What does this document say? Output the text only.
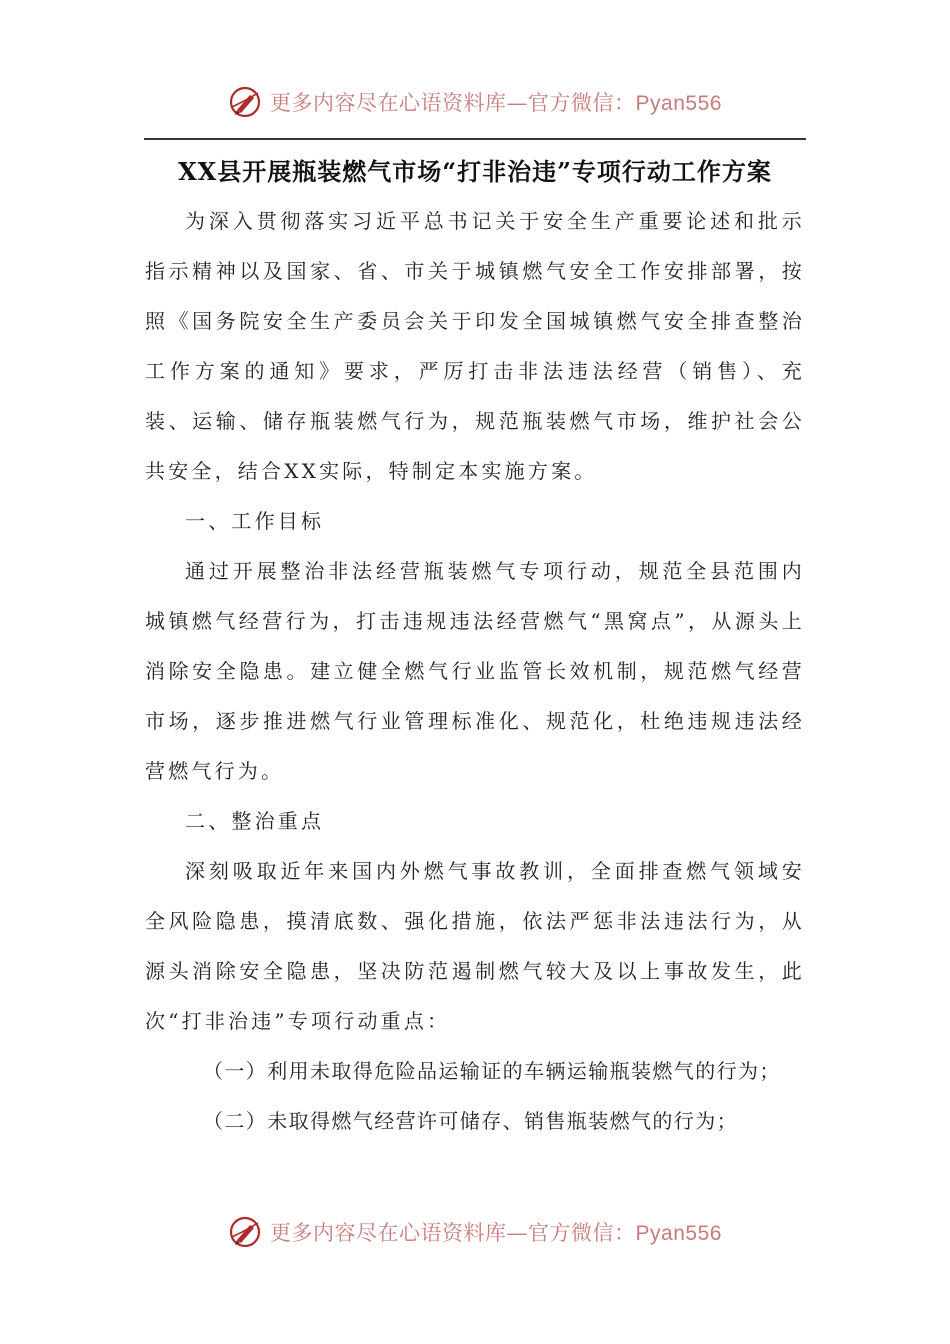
更多内容尽在心语资料库—官方微信：Pyan556
XX县开展瓶装燃气市场“打非治违”专项行动工作方案

为深入贯彻落实习近平总书记关于安全生产重要论述和批示指示精神以及国家、省、市关于城镇燃气安全工作安排部署，按照《国务院安全生产委员会关于印发全国城镇燃气安全排查整治工作方案的通知》要求，严厉打击非法违法经营（销售）、充装、运输、储存瓶装燃气行为，规范瓶装燃气市场，维护社会公共安全，结合XX实际，特制定本实施方案。

一、工作目标

通过开展整治非法经营瓶装燃气专项行动，规范全县范围内城镇燃气经营行为，打击违规违法经营燃气“黑窝点”，从源头上消除安全隐患。建立健全燃气行业监管长效机制，规范燃气经营市场，逐步推进燃气行业管理标准化、规范化，杜绝违规违法经营燃气行为。

二、整治重点

深刻吸取近年来国内外燃气事故教训，全面排查燃气领域安全风险隐患，摸清底数、强化措施，依法严惩非法违法行为，从源头消除安全隐患，坚决防范遏制燃气较大及以上事故发生，此次“打非治违”专项行动重点：

（一）利用未取得危险品运输证的车辆运输瓶装燃气的行为；

（二）未取得燃气经营许可储存、销售瓶装燃气的行为；

更多内容尽在心语资料库—官方微信：Pyan556
